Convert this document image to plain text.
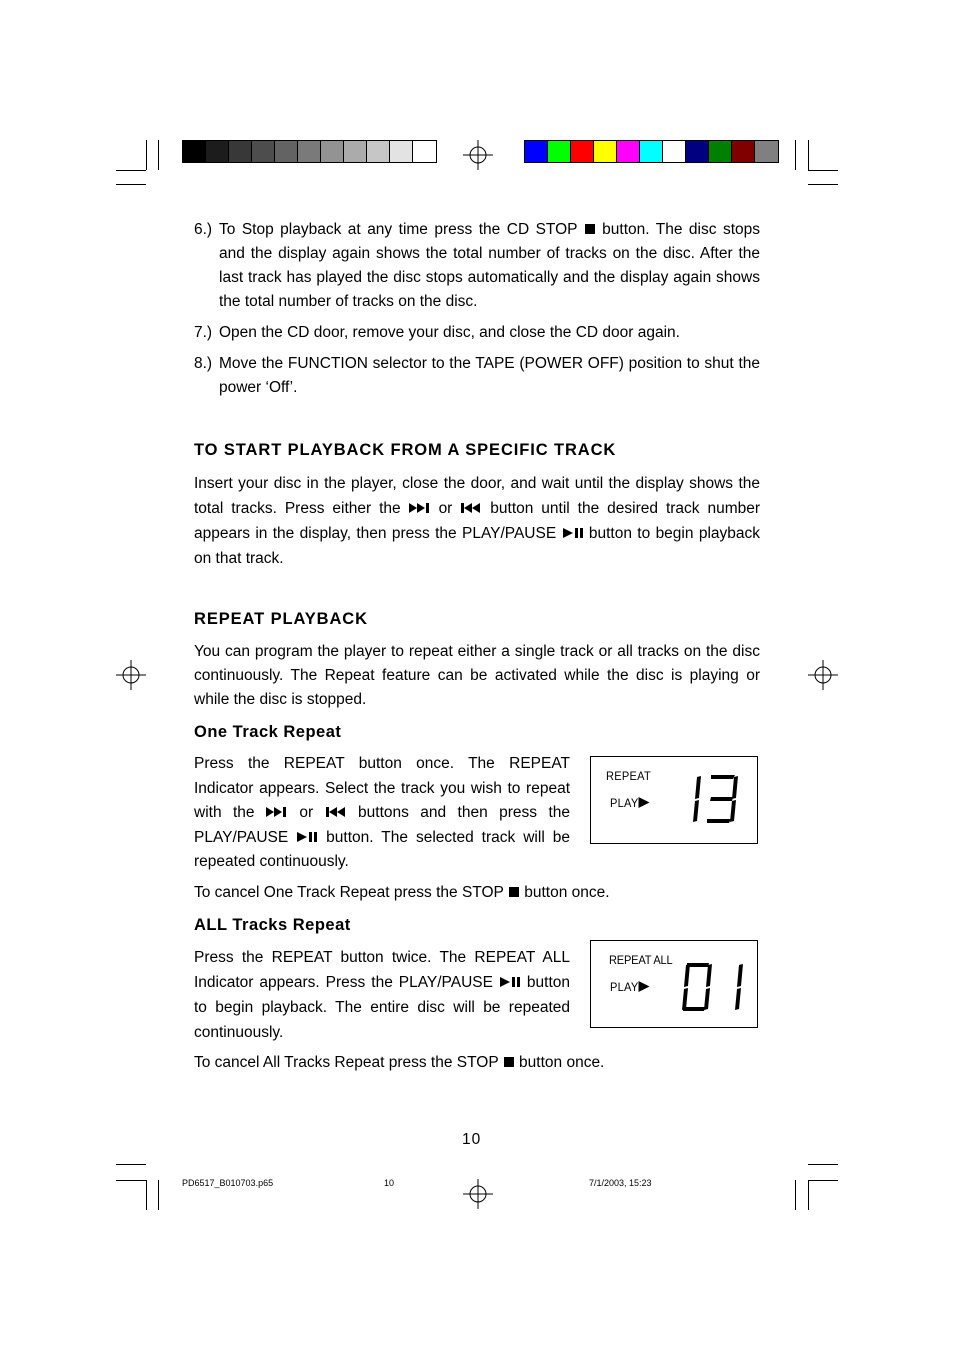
6.) To Stop playback at any time press the CD STOP button. The disc stops and the display again shows the total number of tracks on the disc. After the last track has played the disc stops automatically and the display again shows the total number of tracks on the disc.
7.) Open the CD door, remove your disc, and close the CD door again.
8.) Move the FUNCTION selector to the TAPE (POWER OFF) position to shut the power ‘Off’.
TO START PLAYBACK FROM A SPECIFIC TRACK
Insert your disc in the player, close the door, and wait until the display shows the total tracks. Press either the or button until the desired track number appears in the display, then press the PLAY/PAUSE button to begin playback on that track.
REPEAT PLAYBACK
You can program the player to repeat either a single track or all tracks on the disc continuously. The Repeat feature can be activated while the disc is playing or while the disc is stopped.
One Track Repeat
Press the REPEAT button once. The REPEAT Indicator appears. Select the track you wish to repeat with the	or	buttons and then press the PLAY/PAUSE button. The selected track will be repeated continuously.
REPEAT
PLAY
To cancel One Track Repeat press the STOP button once.
ALL Tracks Repeat
Press the REPEAT button twice. The REPEAT ALL Indicator appears. Press the PLAY/PAUSE button to begin playback. The entire disc will be repeated continuously.
REPEAT ALL
PLAY
To cancel All Tracks Repeat press the STOP button once.
10
PD6517_B010703.p65	10	7/1/2003, 15:23
